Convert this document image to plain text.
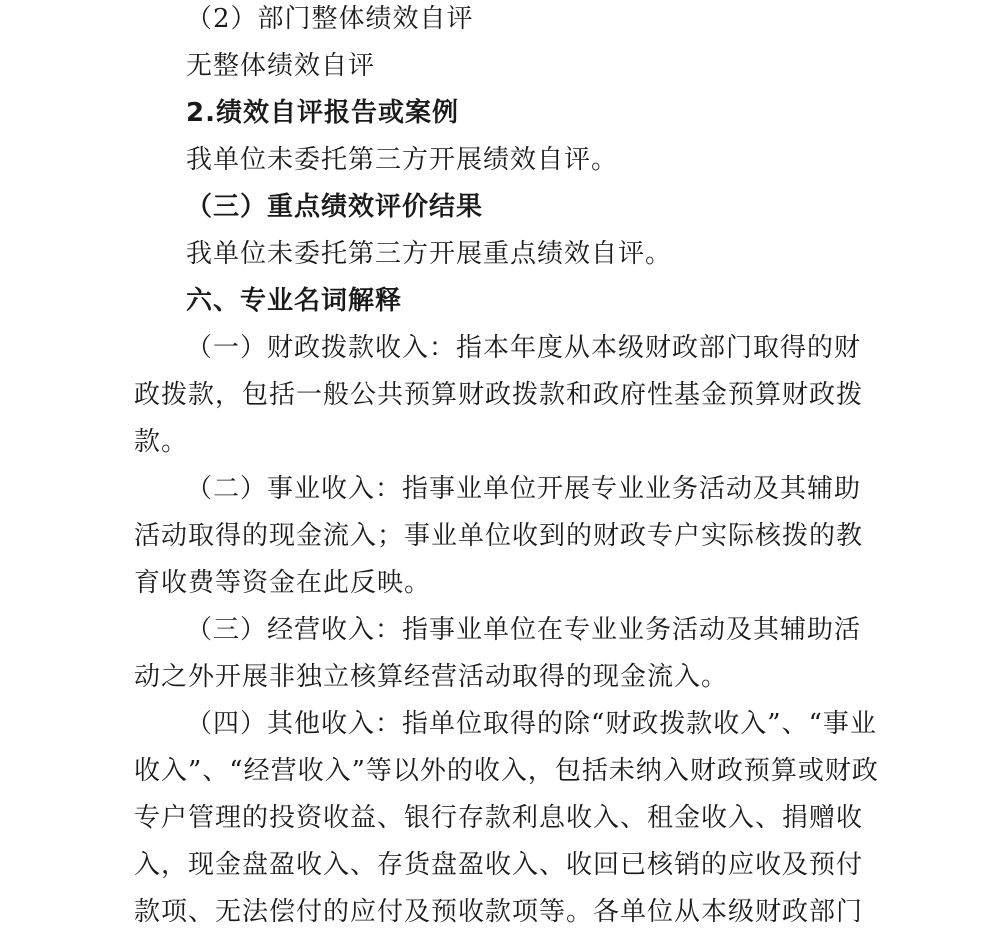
（2）部门整体绩效自评
无整体绩效自评
2.绩效自评报告或案例
我单位未委托第三方开展绩效自评。
（三）重点绩效评价结果
我单位未委托第三方开展重点绩效自评。
六、专业名词解释
（一）财政拨款收入：指本年度从本级财政部门取得的财
政拨款，包括一般公共预算财政拨款和政府性基金预算财政拨
款。
（二）事业收入：指事业单位开展专业业务活动及其辅助
活动取得的现金流入；事业单位收到的财政专户实际核拨的教
育收费等资金在此反映。
（三）经营收入：指事业单位在专业业务活动及其辅助活
动之外开展非独立核算经营活动取得的现金流入。
（四）其他收入：指单位取得的除“财政拨款收入”、“事业
收入”、“经营收入”等以外的收入，包括未纳入财政预算或财政
专户管理的投资收益、银行存款利息收入、租金收入、捐赠收
入，现金盘盈收入、存货盘盈收入、收回已核销的应收及预付
款项、无法偿付的应付及预收款项等。各单位从本级财政部门
